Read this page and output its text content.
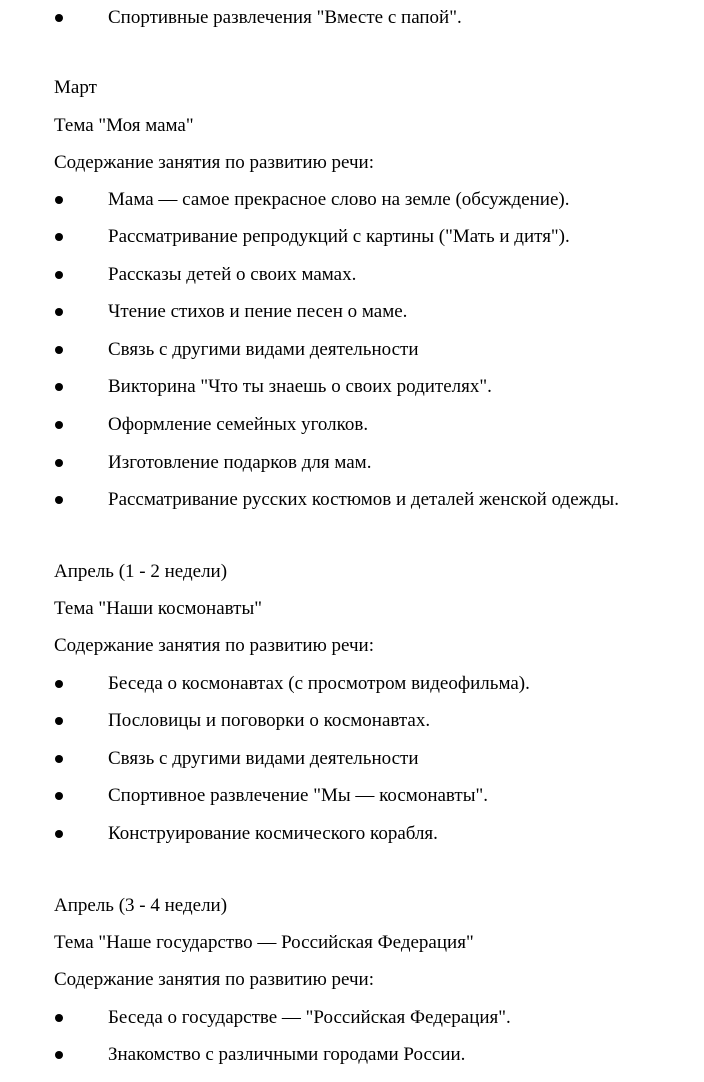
Спортивные развлечения "Вместе с папой".
Март
Тема "Моя мама"
Содержание занятия по развитию речи:
Мама — самое прекрасное слово на земле (обсуждение).
Рассматривание репродукций с картины ("Мать и дитя").
Рассказы детей о своих мамах.
Чтение стихов и пение песен о маме.
Связь с другими видами деятельности
Викторина "Что ты знаешь о своих родителях".
Оформление семейных уголков.
Изготовление подарков для мам.
Рассматривание русских костюмов и деталей женской одежды.
Апрель (1 - 2 недели)
Тема "Наши космонавты"
Содержание занятия по развитию речи:
Беседа о космонавтах (с просмотром видеофильма).
Пословицы и поговорки о космонавтах.
Связь с другими видами деятельности
Спортивное развлечение "Мы — космонавты".
Конструирование космического корабля.
Апрель (3 - 4 недели)
Тема "Наше государство — Российская Федерация"
Содержание занятия по развитию речи:
Беседа о государстве — "Российская Федерация".
Знакомство с различными городами России.
